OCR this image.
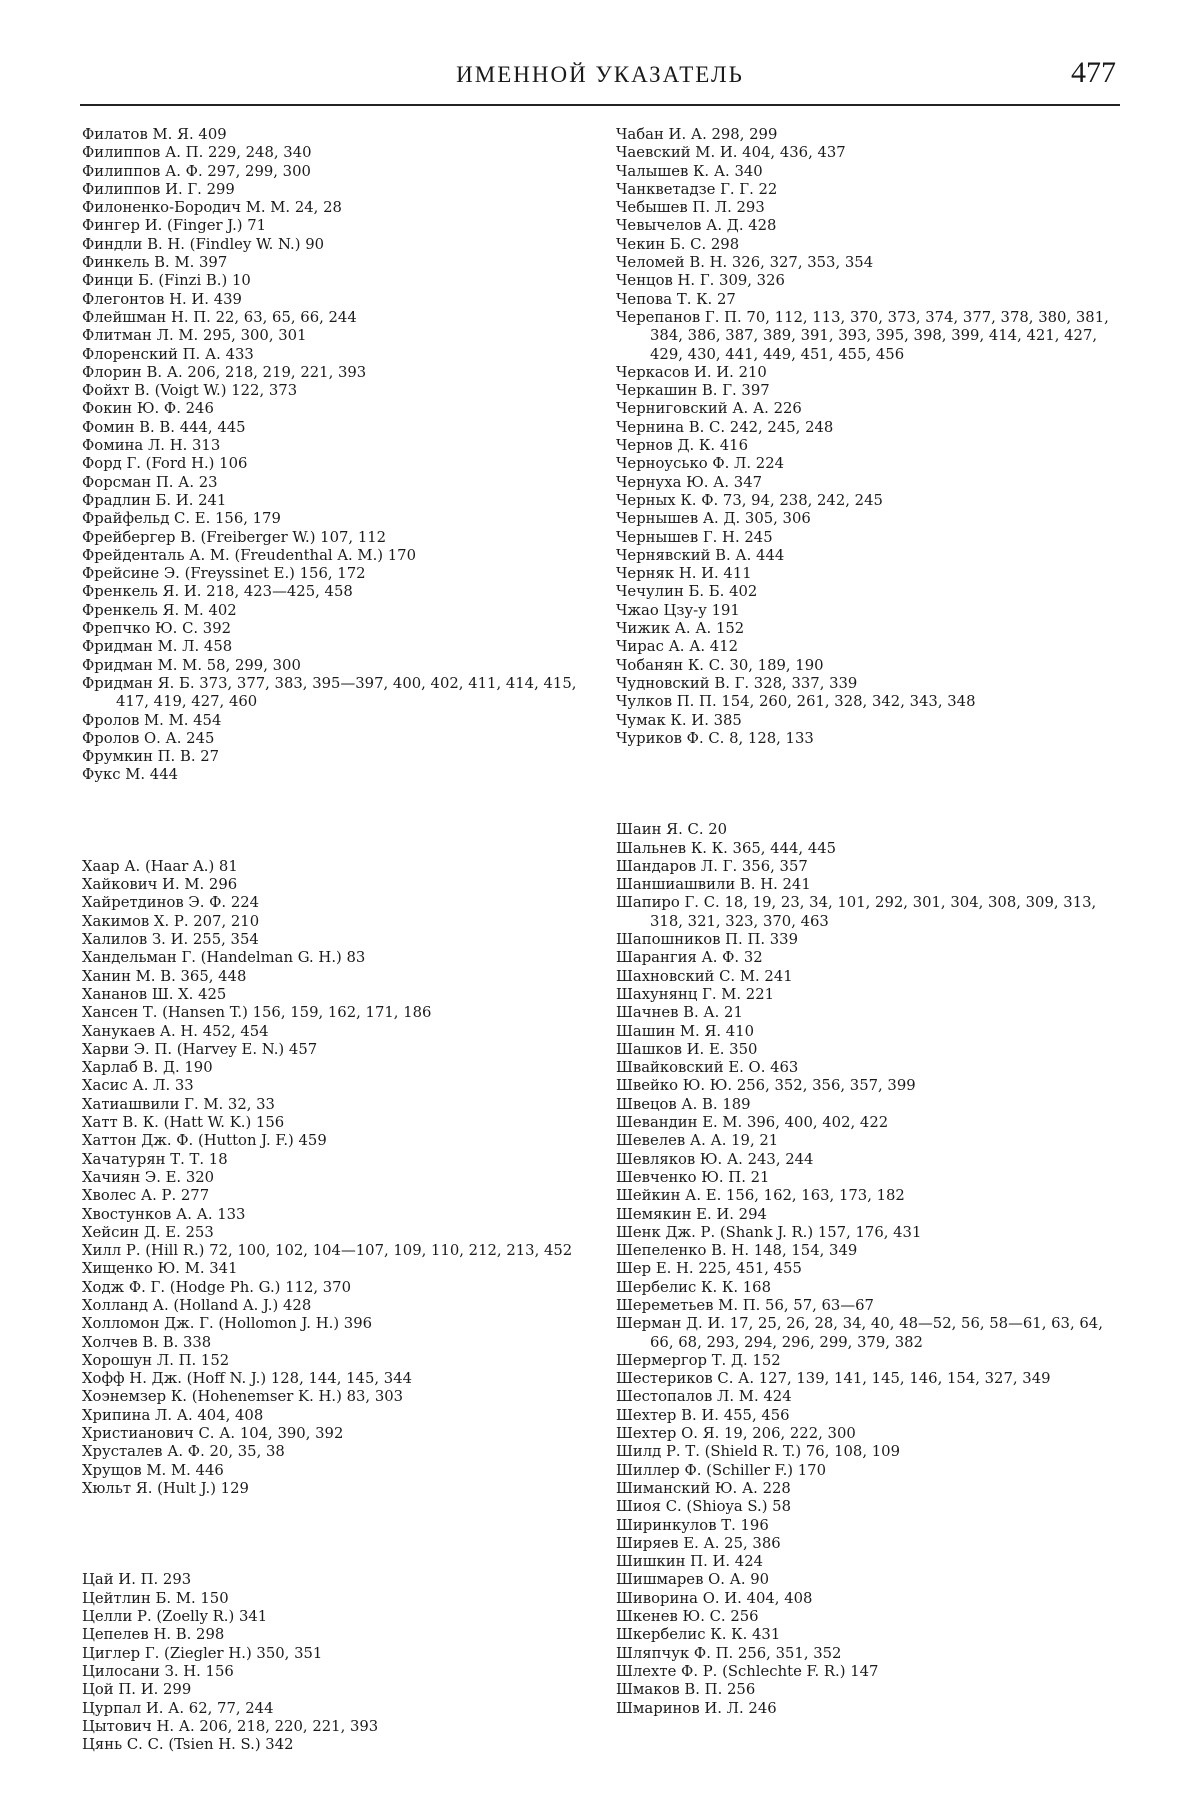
ИМЕННОЙ УКАЗАТЕЛЬ	477
Филатов М. Я. 409
Филиппов А. П. 229, 248, 340
Филиппов А. Ф. 297, 299, 300
Филиппов И. Г. 299
Филоненко-Бородич М. М. 24, 28
Фингер И. (Finger J.) 71
Финдли В. Н. (Findley W. N.) 90
Финкель В. М. 397
Финци Б. (Finzi B.) 10
Флегонтов Н. И. 439
Флейшман Н. П. 22, 63, 65, 66, 244
Флитман Л. М. 295, 300, 301
Флоренский П. А. 433
Флорин В. А. 206, 218, 219, 221, 393
Фойхт В. (Voigt W.) 122, 373
Фокин Ю. Ф. 246
Фомин В. В. 444, 445
Фомина Л. Н. 313
Форд Г. (Ford H.) 106
Форсман П. А. 23
Фрадлин Б. И. 241
Фрайфельд С. Е. 156, 179
Фрейбергер В. (Freiberger W.) 107, 112
Фрейденталь А. М. (Freudenthal A. M.) 170
Фрейсине Э. (Freyssinet E.) 156, 172
Френкель Я. И. 218, 423—425, 458
Френкель Я. М. 402
Фрепчко Ю. С. 392
Фридман М. Л. 458
Фридман М. М. 58, 299, 300
Фридман Я. Б. 373, 377, 383, 395—397, 400, 402, 411, 414, 415, 417, 419, 427, 460
Фролов М. М. 454
Фролов О. А. 245
Фрумкин П. В. 27
Фукс М. 444
Хаар А. (Haar A.) 81
Хайкович И. М. 296
Хайретдинов Э. Ф. 224
Хакимов Х. Р. 207, 210
Халилов З. И. 255, 354
Хандельман Г. (Handelman G. H.) 83
Ханин М. В. 365, 448
Хананов Ш. Х. 425
Хансен Т. (Hansen T.) 156, 159, 162, 171, 186
Ханукаев А. Н. 452, 454
Харви Э. П. (Harvey E. N.) 457
Харлаб В. Д. 190
Хасис А. Л. 33
Хатиашвили Г. М. 32, 33
Хатт В. К. (Hatt W. K.) 156
Хаттон Дж. Ф. (Hutton J. F.) 459
Хачатурян Т. Т. 18
Хачиян Э. Е. 320
Хволес А. Р. 277
Хвостунков А. А. 133
Хейсин Д. Е. 253
Хилл Р. (Hill R.) 72, 100, 102, 104—107, 109, 110, 212, 213, 452
Хищенко Ю. М. 341
Ходж Ф. Г. (Hodge Ph. G.) 112, 370
Холланд А. (Holland A. J.) 428
Холломон Дж. Г. (Hollomon J. H.) 396
Холчев В. В. 338
Хорошун Л. П. 152
Хофф Н. Дж. (Hoff N. J.) 128, 144, 145, 344
Хоэнемзер К. (Hohenemser K. H.) 83, 303
Хрипина Л. А. 404, 408
Христианович С. А. 104, 390, 392
Хрусталев А. Ф. 20, 35, 38
Хрущов М. М. 446
Хюльт Я. (Hult J.) 129
Цай И. П. 293
Цейтлин Б. М. 150
Целли Р. (Zoelly R.) 341
Цепелев Н. В. 298
Циглер Г. (Ziegler H.) 350, 351
Цилосани З. Н. 156
Цой П. И. 299
Цурпал И. А. 62, 77, 244
Цытович Н. А. 206, 218, 220, 221, 393
Цянь С. С. (Tsien H. S.) 342
Чабан И. А. 298, 299
Чаевский М. И. 404, 436, 437
Чалышев К. А. 340
Чанкветадзе Г. Г. 22
Чебышев П. Л. 293
Чевычелов А. Д. 428
Чекин Б. С. 298
Челомей В. Н. 326, 327, 353, 354
Ченцов Н. Г. 309, 326
Чепова Т. К. 27
Черепанов Г. П. 70, 112, 113, 370, 373, 374, 377, 378, 380, 381, 384, 386, 387, 389, 391, 393, 395, 398, 399, 414, 421, 427, 429, 430, 441, 449, 451, 455, 456
Черкасов И. И. 210
Черкашин В. Г. 397
Черниговский А. А. 226
Чернина В. С. 242, 245, 248
Чернов Д. К. 416
Черноусько Ф. Л. 224
Чернуха Ю. А. 347
Черных К. Ф. 73, 94, 238, 242, 245
Чернышев А. Д. 305, 306
Чернышев Г. Н. 245
Чернявский В. А. 444
Черняк Н. И. 411
Чечулин Б. Б. 402
Чжао Цзу-у 191
Чижик А. А. 152
Чирас А. А. 412
Чобанян К. С. 30, 189, 190
Чудновский В. Г. 328, 337, 339
Чулков П. П. 154, 260, 261, 328, 342, 343, 348
Чумак К. И. 385
Чуриков Ф. С. 8, 128, 133
Шаин Я. С. 20
Шальнев К. К. 365, 444, 445
Шандаров Л. Г. 356, 357
Шаншиашвили В. Н. 241
Шапиро Г. С. 18, 19, 23, 34, 101, 292, 301, 304, 308, 309, 313, 318, 321, 323, 370, 463
Шапошников П. П. 339
Шарангия А. Ф. 32
Шахновский С. М. 241
Шахунянц Г. М. 221
Шачнев В. А. 21
Шашин М. Я. 410
Шашков И. Е. 350
Швайковский Е. О. 463
Швейко Ю. Ю. 256, 352, 356, 357, 399
Швецов А. В. 189
Шевандин Е. М. 396, 400, 402, 422
Шевелев А. А. 19, 21
Шевляков Ю. А. 243, 244
Шевченко Ю. П. 21
Шейкин А. Е. 156, 162, 163, 173, 182
Шемякин Е. И. 294
Шенк Дж. Р. (Shank J. R.) 157, 176, 431
Шепеленко В. Н. 148, 154, 349
Шер Е. Н. 225, 451, 455
Шербелис К. К. 168
Шереметьев М. П. 56, 57, 63—67
Шерман Д. И. 17, 25, 26, 28, 34, 40, 48—52, 56, 58—61, 63, 64, 66, 68, 293, 294, 296, 299, 379, 382
Шермергор Т. Д. 152
Шестериков С. А. 127, 139, 141, 145, 146, 154, 327, 349
Шестопалов Л. М. 424
Шехтер В. И. 455, 456
Шехтер О. Я. 19, 206, 222, 300
Шилд Р. Т. (Shield R. T.) 76, 108, 109
Шиллер Ф. (Schiller F.) 170
Шиманский Ю. А. 228
Шиоя С. (Shioya S.) 58
Ширинкулов Т. 196
Ширяев Е. А. 25, 386
Шишкин П. И. 424
Шишмарев О. А. 90
Шиворина О. И. 404, 408
Шкенев Ю. С. 256
Шкербелис К. К. 431
Шляпчук Ф. П. 256, 351, 352
Шлехте Ф. Р. (Schlechte F. R.) 147
Шмаков В. П. 256
Шмаринов И. Л. 246
